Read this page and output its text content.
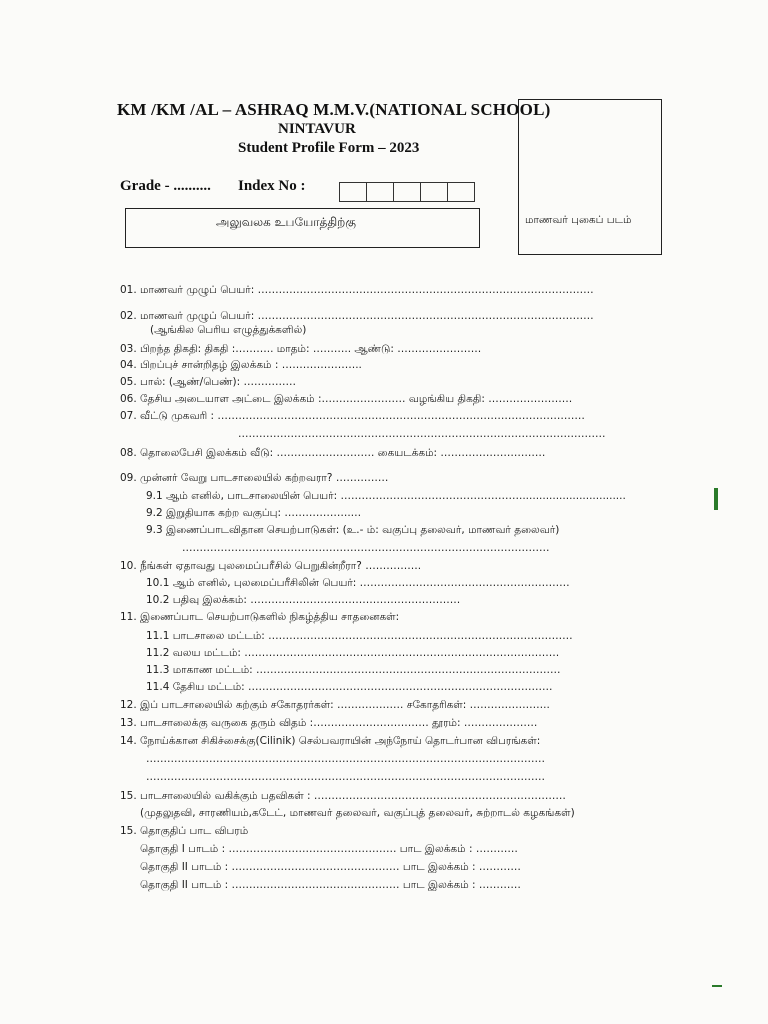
KM /KM /AL – ASHRAQ M.M.V.(NATIONAL SCHOOL)
NINTAVUR
Student Profile Form – 2023
Grade - .......... Index No :
அலுவலக உபயோத்திற்கு	மாணவர் புகைப் படம்
01. மாணவர் முழுப் பெயர்: ……………………………………………………………………………………
02. மாணவர் முழுப் பெயர்: ……………………………………………………………………………………
(ஆங்கில பெரிய எழுத்துக்களில்)
03. பிறந்த திகதி: திகதி :……….. மாதம்: ……….. ஆண்டு: ……………………
04. பிறப்புச் சான்றிதழ் இலக்கம் : …………………..
05. பால்: (ஆண்/பெண்): ……………
06. தேசிய அடையாள அட்டை இலக்கம் :…………………… வழங்கிய திகதி: ……………………
07. வீட்டு முகவரி : ……………………………………………………………………………………………
……………………………………………………………………………………………
08. தொலைபேசி இலக்கம் வீடு: ………………………. கையடக்கம்: …………………………
09. முன்னர் வேறு பாடசாலையில் கற்றவரா? ……………
9.1 ஆம் எனில், பாடசாலையின் பெயர்: ……………………………………………................................
9.2 இறுதியாக கற்ற வகுப்பு: ……………….…
9.3 இணைப்பாடவிதான செயற்பாடுகள்: (உ.- ம்: வகுப்பு தலைவர், மாணவர் தலைவர்)
……………………………………………………………………………………………
10. நீங்கள் ஏதாவது புலமைப்பரீசில் பெறுகின்றீரா? …………….
10.1 ஆம் எனில், புலமைப்பரீசிலின் பெயர்: ……………………………………………………
10.2 பதிவு இலக்கம்: ……………………………………………………
11. இணைப்பாட செயற்பாடுகளில் நிகழ்த்திய சாதனைகள்:
11.1 பாடசாலை மட்டம்: ……………………………………………………………………………
11.2 வலய மட்டம்: ………………………………………………………………………………
11.3 மாகாண மட்டம்: ……………………………………………………………………………
11.4 தேசிய மட்டம்: ……………………………………………………………………………
12. இப் பாடசாலையில் கற்கும் சகோதரர்கள்: ………………. சகோதரிகள்: …………………..
13. பாடசாலைக்கு வருகை தரும் விதம் :…………………………… தூரம்: …………………
14. நோய்க்கான சிகிச்சைக்கு(Cilinik) செல்பவராயின் அந்நோய் தொடர்பான விபரங்கள்:
……………………………………………………………………………………………………
……………………………………………………………………………………………………
15. பாடசாலையில் வகிக்கும் பதவிகள் : ………………………………………………………………
(முதலுதவி, சாரணியம்,கடேட், மாணவர் தலைவர், வகுப்புத் தலைவர், சுற்றாடல் கழகங்கள்)
15. தொகுதிப் பாட விபரம்
தொகுதி I பாடம் : ………………………………………… பாட இலக்கம் : …………
தொகுதி II பாடம் : ………………………………………… பாட இலக்கம் : …………
தொகுதி II பாடம் : ………………………………………… பாட இலக்கம் : …………
